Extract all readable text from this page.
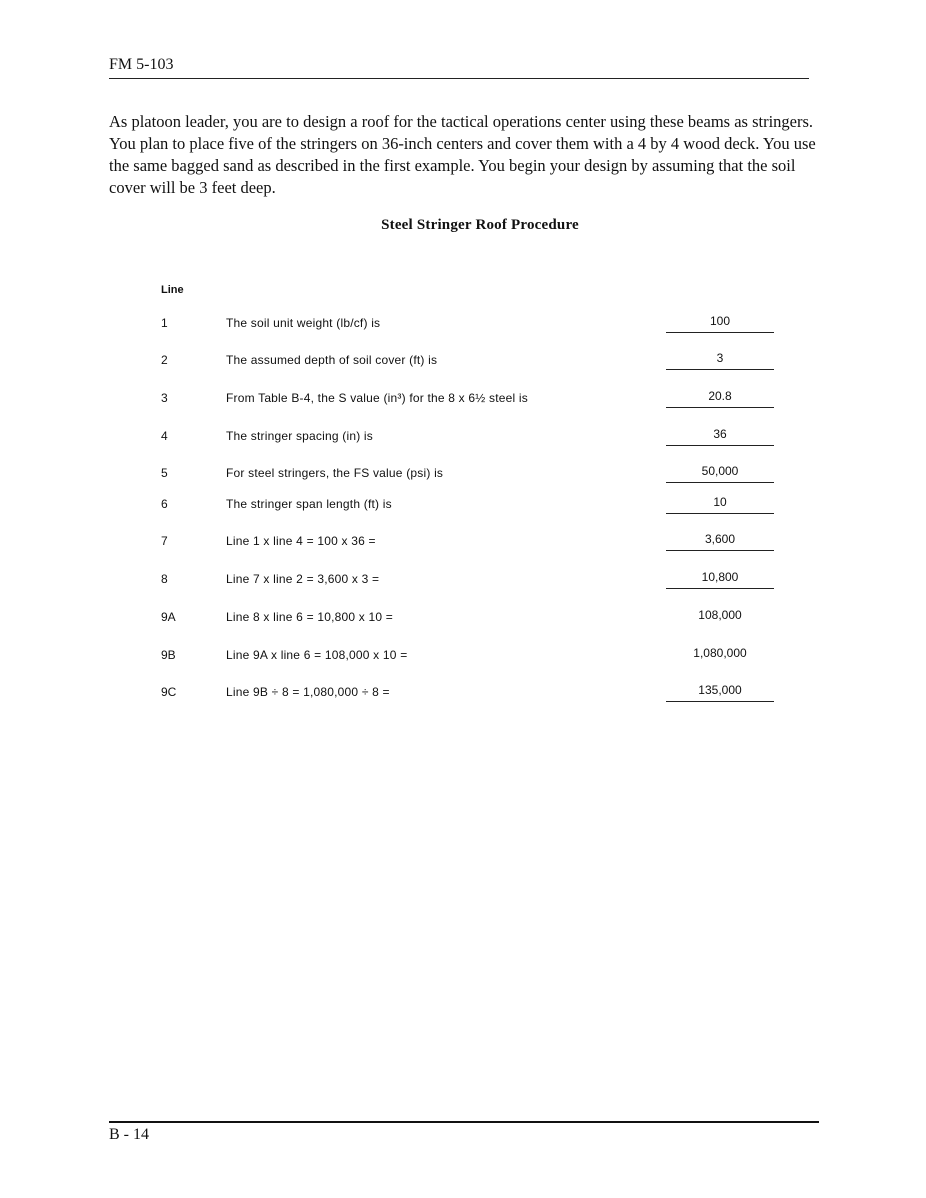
FM 5-103
As platoon leader, you are to design a roof for the tactical operations center using these beams as stringers. You plan to place five of the stringers on 36-inch centers and cover them with a 4 by 4 wood deck. You use the same bagged sand as described in the first example. You begin your design by assuming that the soil cover will be 3 feet deep.
Steel Stringer Roof Procedure
Line
1	The soil unit weight (lb/cf) is	100
2	The assumed depth of soil cover (ft) is	3
3	From Table B-4, the S value (in³) for the 8 x 6½ steel is	20.8
4	The stringer spacing (in) is	36
5	For steel stringers, the FS value (psi) is	50,000
6	The stringer span length (ft) is	10
7	Line 1 x line 4 = 100 x 36 =	3,600
8	Line 7 x line 2 = 3,600 x 3 =	10,800
9A	Line 8 x line 6 = 10,800 x 10 =	108,000
9B	Line 9A x line 6 = 108,000 x 10 =	1,080,000
9C	Line 9B ÷ 8 = 1,080,000 ÷ 8 =	135,000
B - 14
